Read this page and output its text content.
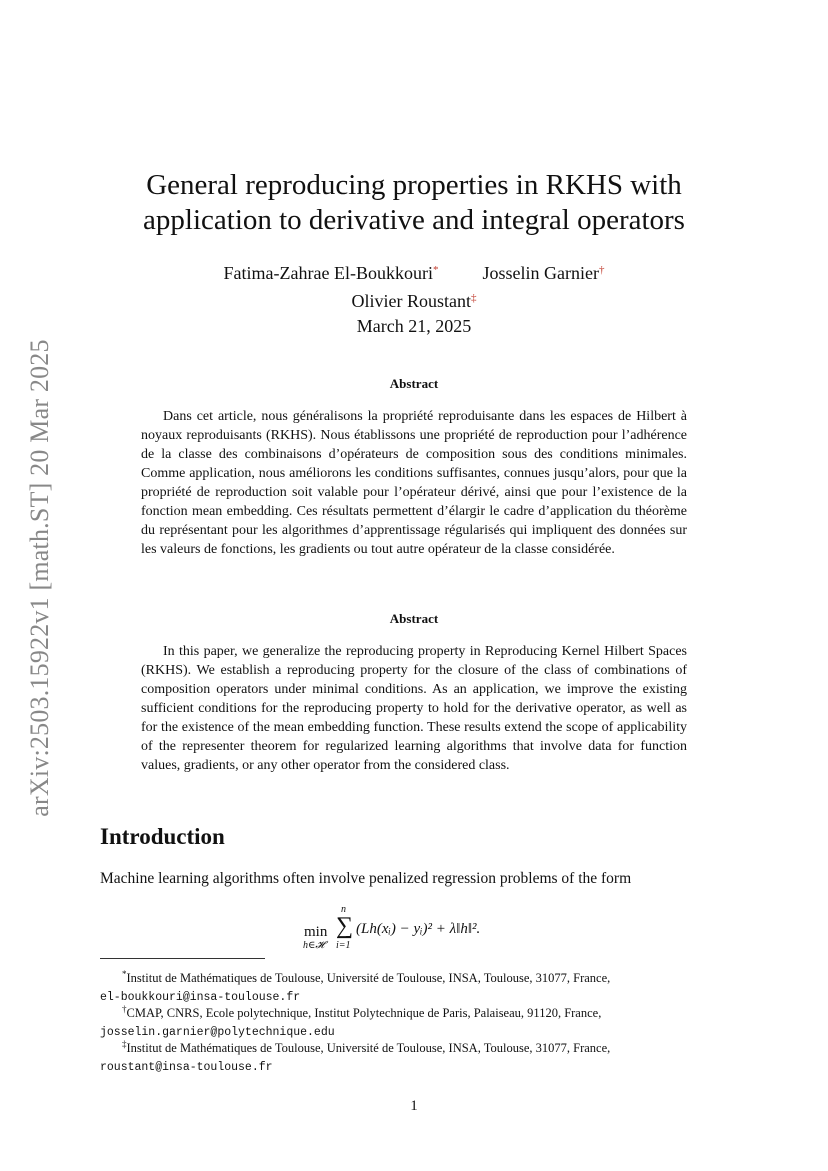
arXiv:2503.15922v1 [math.ST] 20 Mar 2025
General reproducing properties in RKHS with
application to derivative and integral operators
Fatima-Zahrae El-Boukkouri* Josselin Garnier†
Olivier Roustant‡
March 21, 2025
Abstract

Dans cet article, nous généralisons la propriété reproduisante dans les espaces de Hilbert à noyaux reproduisants (RKHS). Nous établissons une propriété de reproduction pour l’adhérence de la classe des combinaisons d’opérateurs de composition sous des conditions minimales. Comme application, nous améliorons les conditions suffisantes, connues jusqu’alors, pour que la propriété de reproduction soit valable pour l’opérateur dérivé, ainsi que pour l’existence de la fonction mean embedding. Ces résultats permettent d’élargir le cadre d’application du théorème du représentant pour les algorithmes d’apprentissage régularisés qui impliquent des données sur les valeurs de fonctions, les gradients ou tout autre opérateur de la classe considérée.

Abstract

In this paper, we generalize the reproducing property in Reproducing Kernel Hilbert Spaces (RKHS). We establish a reproducing property for the closure of the class of combinations of composition operators under minimal conditions. As an application, we improve the existing sufficient conditions for the reproducing property to hold for the derivative operator, as well as for the existence of the mean embedding function. These results extend the scope of applicability of the representer theorem for regularized learning algorithms that involve data for function values, gradients, or any other operator from the considered class.

Introduction

Machine learning algorithms often involve penalized regression problems of the form

min
h∈𝓗
n
∑
i=1
(Lh(xᵢ) − yᵢ)² + λ‖h‖².

*Institut de Mathématiques de Toulouse, Université de Toulouse, INSA, Toulouse, 31077, France,
el-boukkouri@insa-toulouse.fr

†CMAP, CNRS, Ecole polytechnique, Institut Polytechnique de Paris, Palaiseau, 91120, France,
josselin.garnier@polytechnique.edu

‡Institut de Mathématiques de Toulouse, Université de Toulouse, INSA, Toulouse, 31077, France,
roustant@insa-toulouse.fr

1
